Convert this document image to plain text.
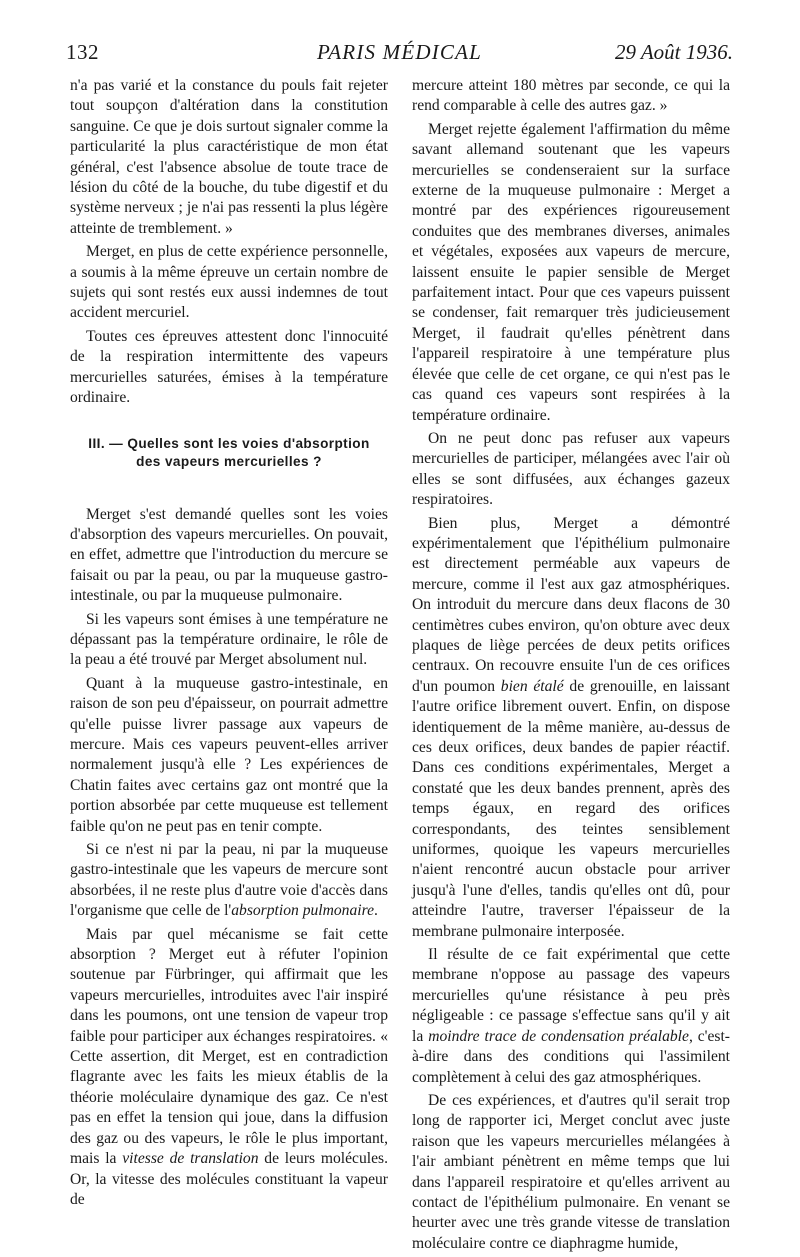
132	PARIS MÉDICAL	29 Août 1936.

n'a pas varié et la constance du pouls fait rejeter tout soupçon d'altération dans la constitution sanguine. Ce que je dois surtout signaler comme la particularité la plus caractéristique de mon état général, c'est l'absence absolue de toute trace de lésion du côté de la bouche, du tube digestif et du système nerveux ; je n'ai pas ressenti la plus légère atteinte de tremblement. »

Merget, en plus de cette expérience personnelle, a soumis à la même épreuve un certain nombre de sujets qui sont restés eux aussi indemnes de tout accident mercuriel.

Toutes ces épreuves attestent donc l'innocuité de la respiration intermittente des vapeurs mercurielles saturées, émises à la température ordinaire.

III. — Quelles sont les voies d'absorption
des vapeurs mercurielles ?

Merget s'est demandé quelles sont les voies d'absorption des vapeurs mercurielles. On pouvait, en effet, admettre que l'introduction du mercure se faisait ou par la peau, ou par la muqueuse gastro-intestinale, ou par la muqueuse pulmonaire.

Si les vapeurs sont émises à une température ne dépassant pas la température ordinaire, le rôle de la peau a été trouvé par Merget absolument nul.

Quant à la muqueuse gastro-intestinale, en raison de son peu d'épaisseur, on pourrait admettre qu'elle puisse livrer passage aux vapeurs de mercure. Mais ces vapeurs peuvent-elles arriver normalement jusqu'à elle ? Les expériences de Chatin faites avec certains gaz ont montré que la portion absorbée par cette muqueuse est tellement faible qu'on ne peut pas en tenir compte.

Si ce n'est ni par la peau, ni par la muqueuse gastro-intestinale que les vapeurs de mercure sont absorbées, il ne reste plus d'autre voie d'accès dans l'organisme que celle de l'absorption pulmonaire.

Mais par quel mécanisme se fait cette absorption ? Merget eut à réfuter l'opinion soutenue par Fürbringer, qui affirmait que les vapeurs mercurielles, introduites avec l'air inspiré dans les poumons, ont une tension de vapeur trop faible pour participer aux échanges respiratoires. « Cette assertion, dit Merget, est en contradiction flagrante avec les faits les mieux établis de la théorie moléculaire dynamique des gaz. Ce n'est pas en effet la tension qui joue, dans la diffusion des gaz ou des vapeurs, le rôle le plus important, mais la vitesse de translation de leurs molécules. Or, la vitesse des molécules constituant la vapeur de

mercure atteint 180 mètres par seconde, ce qui la rend comparable à celle des autres gaz. »

Merget rejette également l'affirmation du même savant allemand soutenant que les vapeurs mercurielles se condenseraient sur la surface externe de la muqueuse pulmonaire : Merget a montré par des expériences rigoureusement conduites que des membranes diverses, animales et végétales, exposées aux vapeurs de mercure, laissent ensuite le papier sensible de Merget parfaitement intact. Pour que ces vapeurs puissent se condenser, fait remarquer très judicieusement Merget, il faudrait qu'elles pénètrent dans l'appareil respiratoire à une température plus élevée que celle de cet organe, ce qui n'est pas le cas quand ces vapeurs sont respirées à la température ordinaire.

On ne peut donc pas refuser aux vapeurs mercurielles de participer, mélangées avec l'air où elles se sont diffusées, aux échanges gazeux respiratoires.

Bien plus, Merget a démontré expérimentalement que l'épithélium pulmonaire est directement perméable aux vapeurs de mercure, comme il l'est aux gaz atmosphériques. On introduit du mercure dans deux flacons de 30 centimètres cubes environ, qu'on obture avec deux plaques de liège percées de deux petits orifices centraux. On recouvre ensuite l'un de ces orifices d'un poumon bien étalé de grenouille, en laissant l'autre orifice librement ouvert. Enfin, on dispose identiquement de la même manière, au-dessus de ces deux orifices, deux bandes de papier réactif. Dans ces conditions expérimentales, Merget a constaté que les deux bandes prennent, après des temps égaux, en regard des orifices correspondants, des teintes sensiblement uniformes, quoique les vapeurs mercurielles n'aient rencontré aucun obstacle pour arriver jusqu'à l'une d'elles, tandis qu'elles ont dû, pour atteindre l'autre, traverser l'épaisseur de la membrane pulmonaire interposée.

Il résulte de ce fait expérimental que cette membrane n'oppose au passage des vapeurs mercurielles qu'une résistance à peu près négligeable : ce passage s'effectue sans qu'il y ait la moindre trace de condensation préalable, c'est-à-dire dans des conditions qui l'assimilent complètement à celui des gaz atmosphériques.

De ces expériences, et d'autres qu'il serait trop long de rapporter ici, Merget conclut avec juste raison que les vapeurs mercurielles mélangées à l'air ambiant pénètrent en même temps que lui dans l'appareil respiratoire et qu'elles arrivent au contact de l'épithélium pulmonaire. En venant se heurter avec une très grande vitesse de translation moléculaire contre ce diaphragme humide,
